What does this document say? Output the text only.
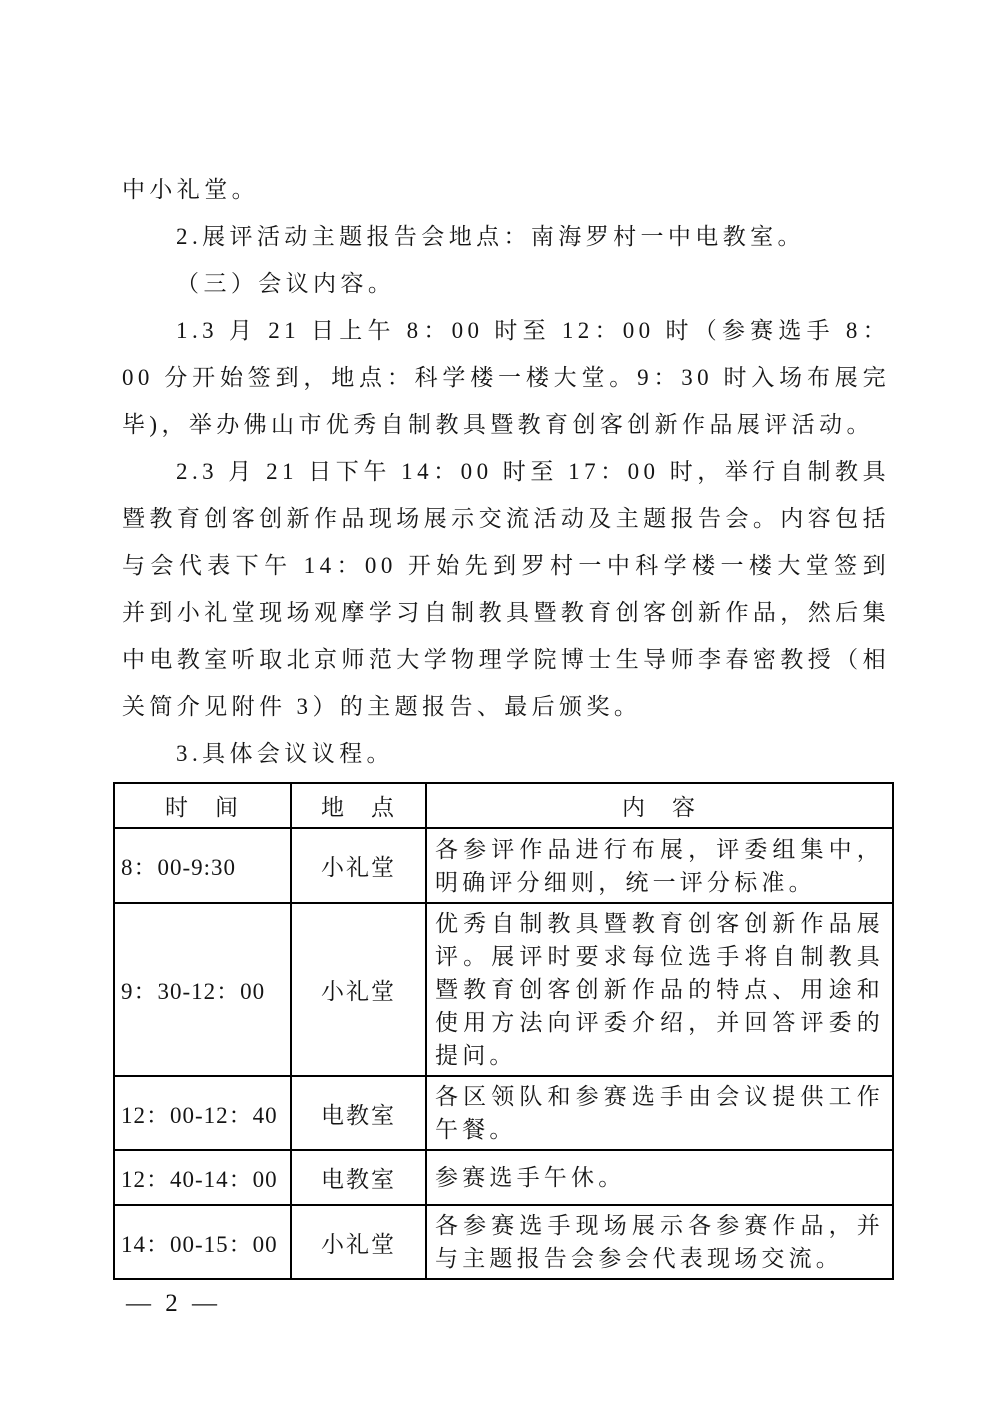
中小礼堂。

2.展评活动主题报告会地点：南海罗村一中电教室。

（三）会议内容。

1.3 月 21 日上午 8：00 时至 12：00 时（参赛选手 8：00 分开始签到，地点：科学楼一楼大堂。9：30 时入场布展完毕)，举办佛山市优秀自制教具暨教育创客创新作品展评活动。

2.3 月 21 日下午 14：00 时至 17：00 时，举行自制教具暨教育创客创新作品现场展示交流活动及主题报告会。内容包括与会代表下午 14：00 开始先到罗村一中科学楼一楼大堂签到并到小礼堂现场观摩学习自制教具暨教育创客创新作品，然后集中电教室听取北京师范大学物理学院博士生导师李春密教授（相关简介见附件 3）的主题报告、最后颁奖。

3.具体会议议程。

时　间	地　点	内　容
8：00-9:30	小礼堂	各参评作品进行布展，评委组集中，明确评分细则，统一评分标准。
9：30-12：00	小礼堂	优秀自制教具暨教育创客创新作品展评。展评时要求每位选手将自制教具暨教育创客创新作品的特点、用途和使用方法向评委介绍，并回答评委的提问。
12：00-12：40	电教室	各区领队和参赛选手由会议提供工作午餐。
12：40-14：00	电教室	参赛选手午休。
14：00-15：00	小礼堂	各参赛选手现场展示各参赛作品，并与主题报告会参会代表现场交流。
— 2 —
